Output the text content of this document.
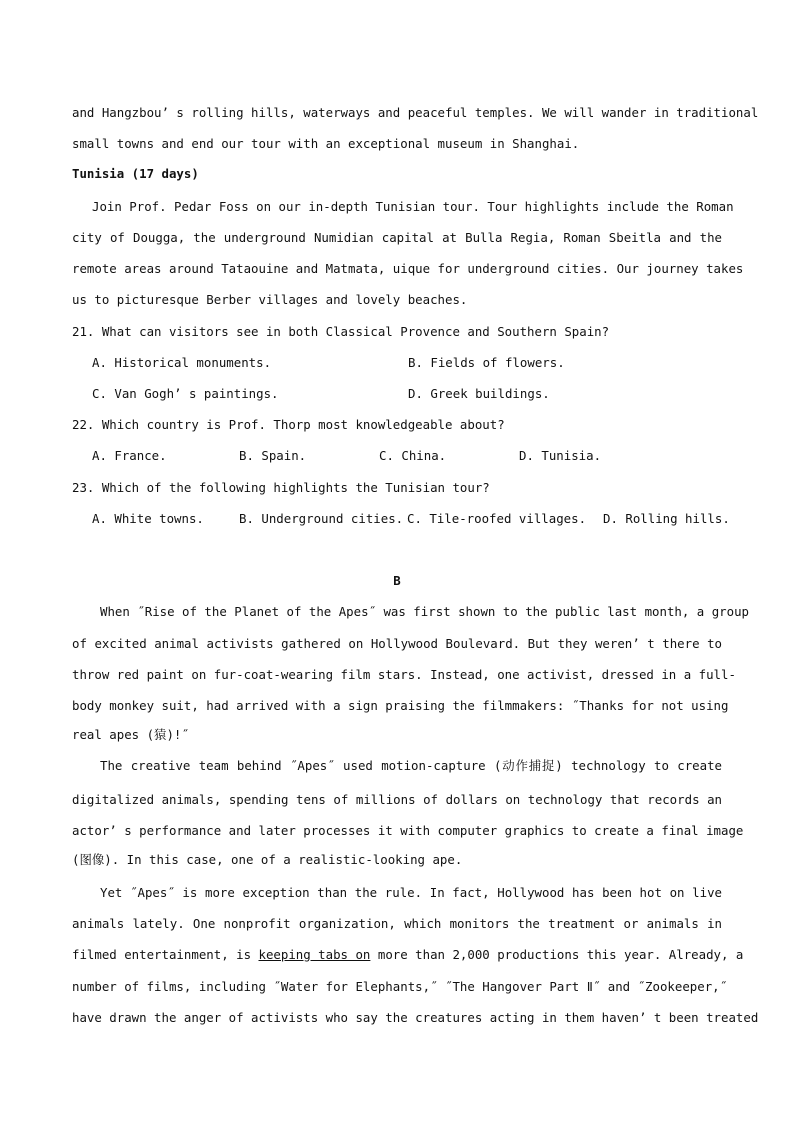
and Hangzbou’ s rolling hills, waterways and peaceful temples. We will wander in traditional
small towns and end our tour with an exceptional museum in Shanghai.
Tunisia (17 days)
Join Prof. Pedar Foss on our in-depth Tunisian tour. Tour highlights include the Roman
city of Dougga, the underground Numidian capital at Bulla Regia, Roman Sbeitla and the
remote areas around Tataouine and Matmata, uique for underground cities. Our journey takes
us to picturesque Berber villages and lovely beaches.
21. What can visitors see in both Classical Provence and Southern Spain?
A. Historical monuments.	B. Fields of flowers.
C. Van Gogh’ s paintings.	D. Greek buildings.
22. Which country is Prof. Thorp most knowledgeable about?
A. France.	B. Spain.	C. China.	D. Tunisia.
23. Which of the following highlights the Tunisian tour?
A. White towns.	B. Underground cities. C. Tile-roofed villages. D. Rolling hills.
B
When ˝Rise of the Planet of the Apes˝ was first shown to the public last month, a group
of excited animal activists gathered on Hollywood Boulevard. But they weren’ t there to
throw red paint on fur-coat-wearing film stars. Instead, one activist, dressed in a full-
body monkey suit, had arrived with a sign praising the filmmakers: ˝Thanks for not using
real apes (猿)!˝
The creative team behind ˝Apes˝ used motion-capture (动作捕捉) technology to create
digitalized animals, spending tens of millions of dollars on technology that records an
actor’ s performance and later processes it with computer graphics to create a final image
(图像). In this case, one of a realistic-looking ape.
Yet ˝Apes˝ is more exception than the rule. In fact, Hollywood has been hot on live
animals lately. One nonprofit organization, which monitors the treatment or animals in
filmed entertainment, is keeping tabs on more than 2,000 productions this year. Already, a
number of films, including ˝Water for Elephants,˝ ˝The Hangover Part Ⅱ˝ and ˝Zookeeper,˝
have drawn the anger of activists who say the creatures acting in them haven’ t been treated
